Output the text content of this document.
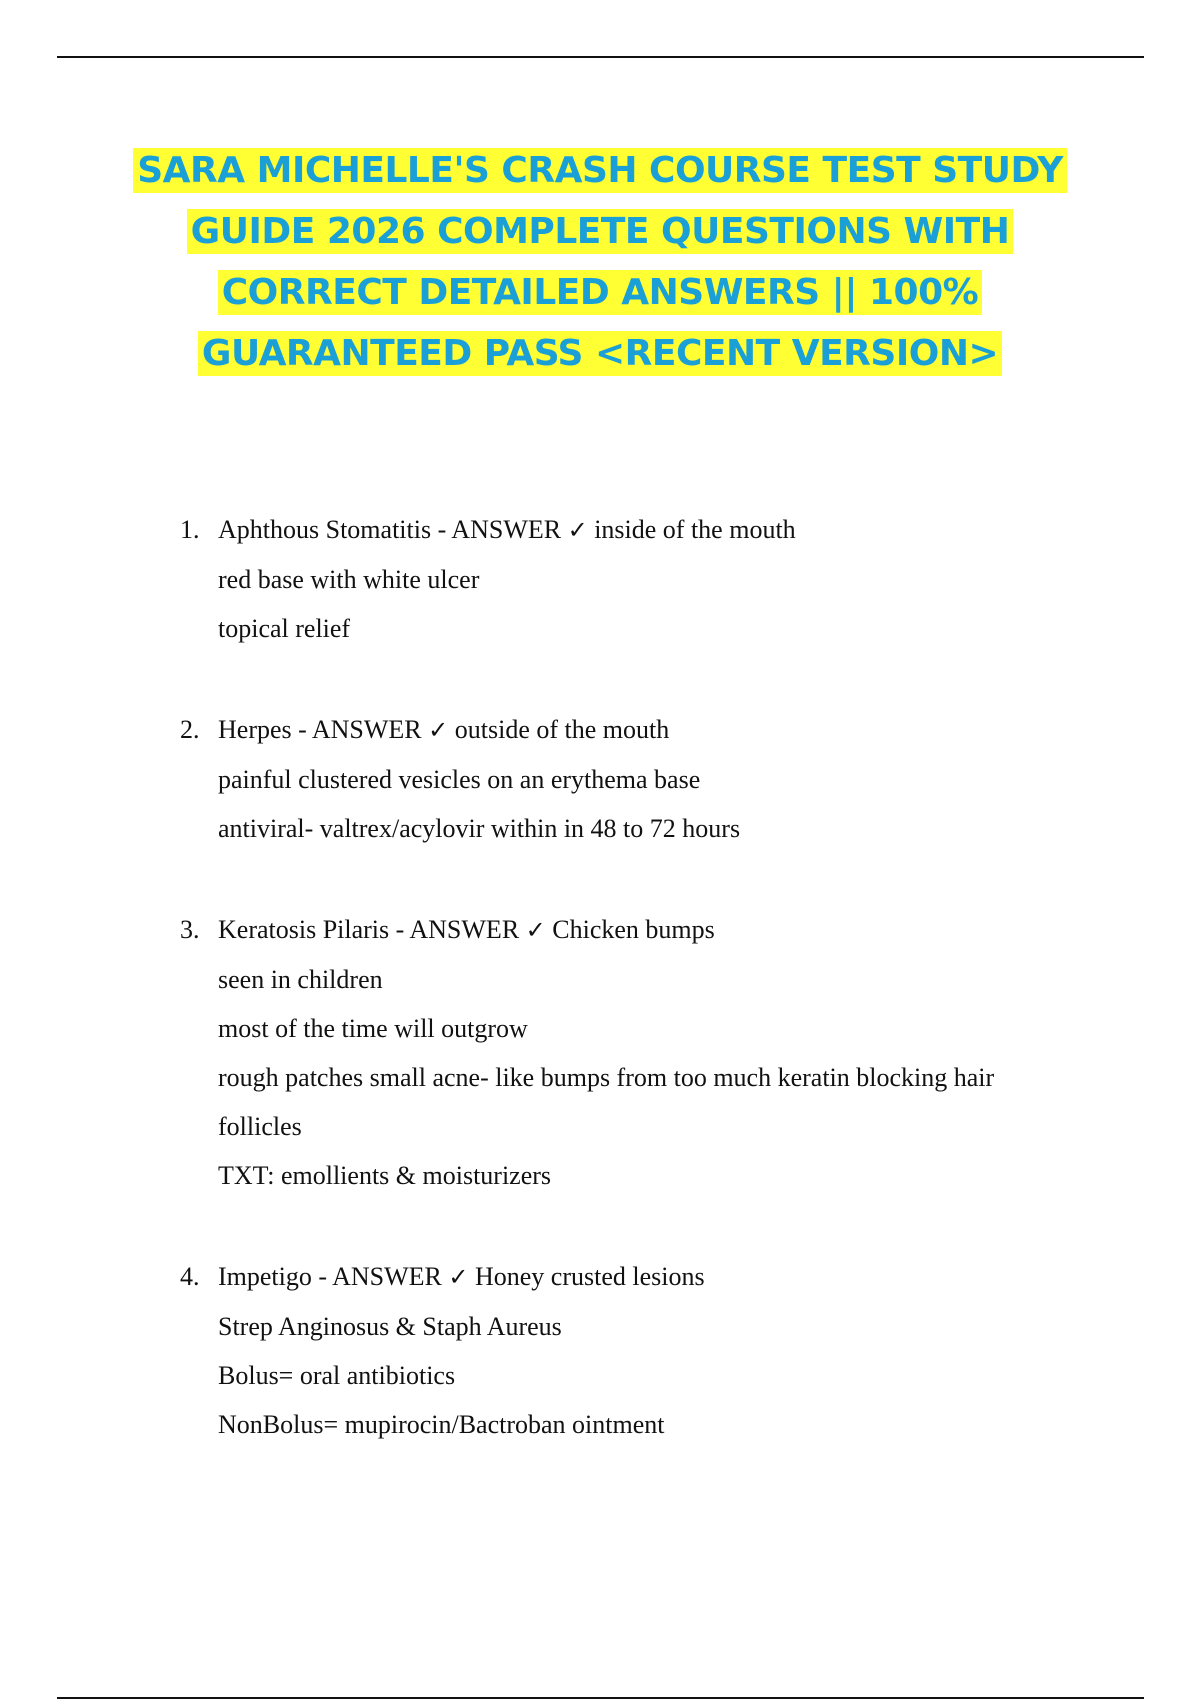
SARA MICHELLE'S CRASH COURSE TEST STUDY GUIDE 2026 COMPLETE QUESTIONS WITH CORRECT DETAILED ANSWERS || 100% GUARANTEED PASS <RECENT VERSION>
1. Aphthous Stomatitis - ANSWER ✓ inside of the mouth
red base with white ulcer
topical relief
2. Herpes - ANSWER ✓ outside of the mouth
painful clustered vesicles on an erythema base
antiviral- valtrex/acylovir within in 48 to 72 hours
3. Keratosis Pilaris - ANSWER ✓ Chicken bumps
seen in children
most of the time will outgrow
rough patches small acne- like bumps from too much keratin blocking hair
follicles
TXT: emollients & moisturizers
4. Impetigo - ANSWER ✓ Honey crusted lesions
Strep Anginosus & Staph Aureus
Bolus= oral antibiotics
NonBolus= mupirocin/Bactroban ointment
